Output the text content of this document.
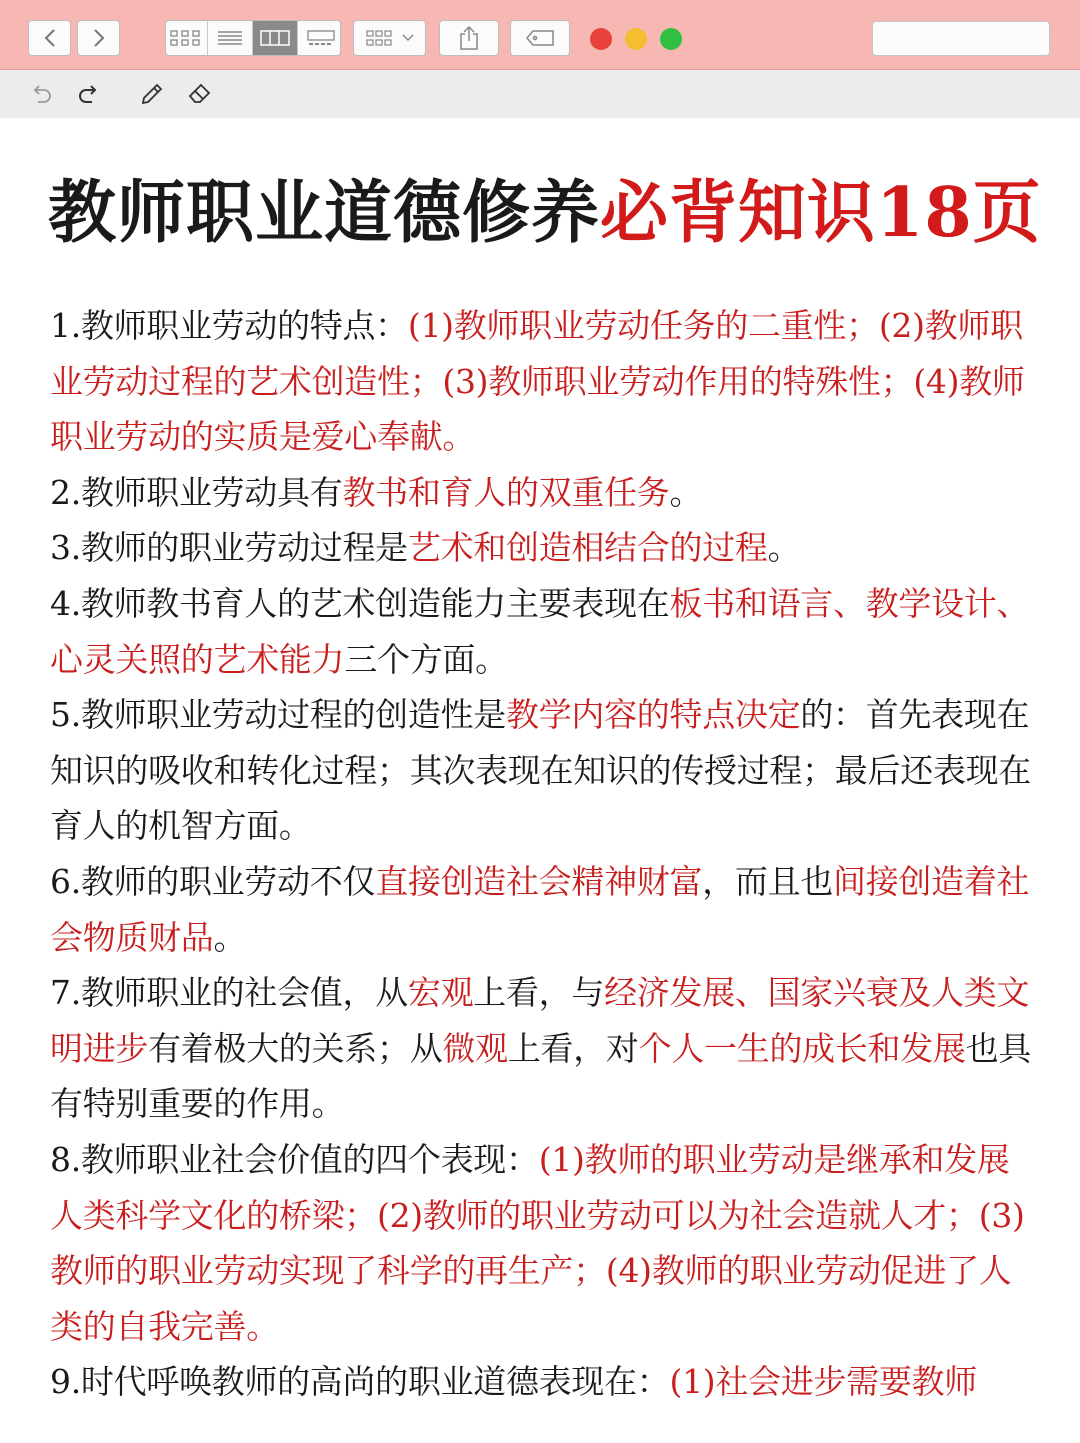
教师职业道德修养必背知识18页

1.教师职业劳动的特点：(1)教师职业劳动任务的二重性；(2)教师职业劳动过程的艺术创造性；(3)教师职业劳动作用的特殊性；(4)教师职业劳动的实质是爱心奉献。

2.教师职业劳动具有教书和育人的双重任务。

3.教师的职业劳动过程是艺术和创造相结合的过程。

4.教师教书育人的艺术创造能力主要表现在板书和语言、教学设计、心灵关照的艺术能力三个方面。

5.教师职业劳动过程的创造性是教学内容的特点决定的：首先表现在知识的吸收和转化过程；其次表现在知识的传授过程；最后还表现在育人的机智方面。

6.教师的职业劳动不仅直接创造社会精神财富，而且也间接创造着社会物质财品。

7.教师职业的社会值，从宏观上看，与经济发展、国家兴衰及人类文明进步有着极大的关系；从微观上看，对个人一生的成长和发展也具有特别重要的作用。

8.教师职业社会价值的四个表现：(1)教师的职业劳动是继承和发展人类科学文化的桥梁；(2)教师的职业劳动可以为社会造就人才；(3)教师的职业劳动实现了科学的再生产；(4)教师的职业劳动促进了人类的自我完善。

9.时代呼唤教师的高尚的职业道德表现在：(1)社会进步需要教师
